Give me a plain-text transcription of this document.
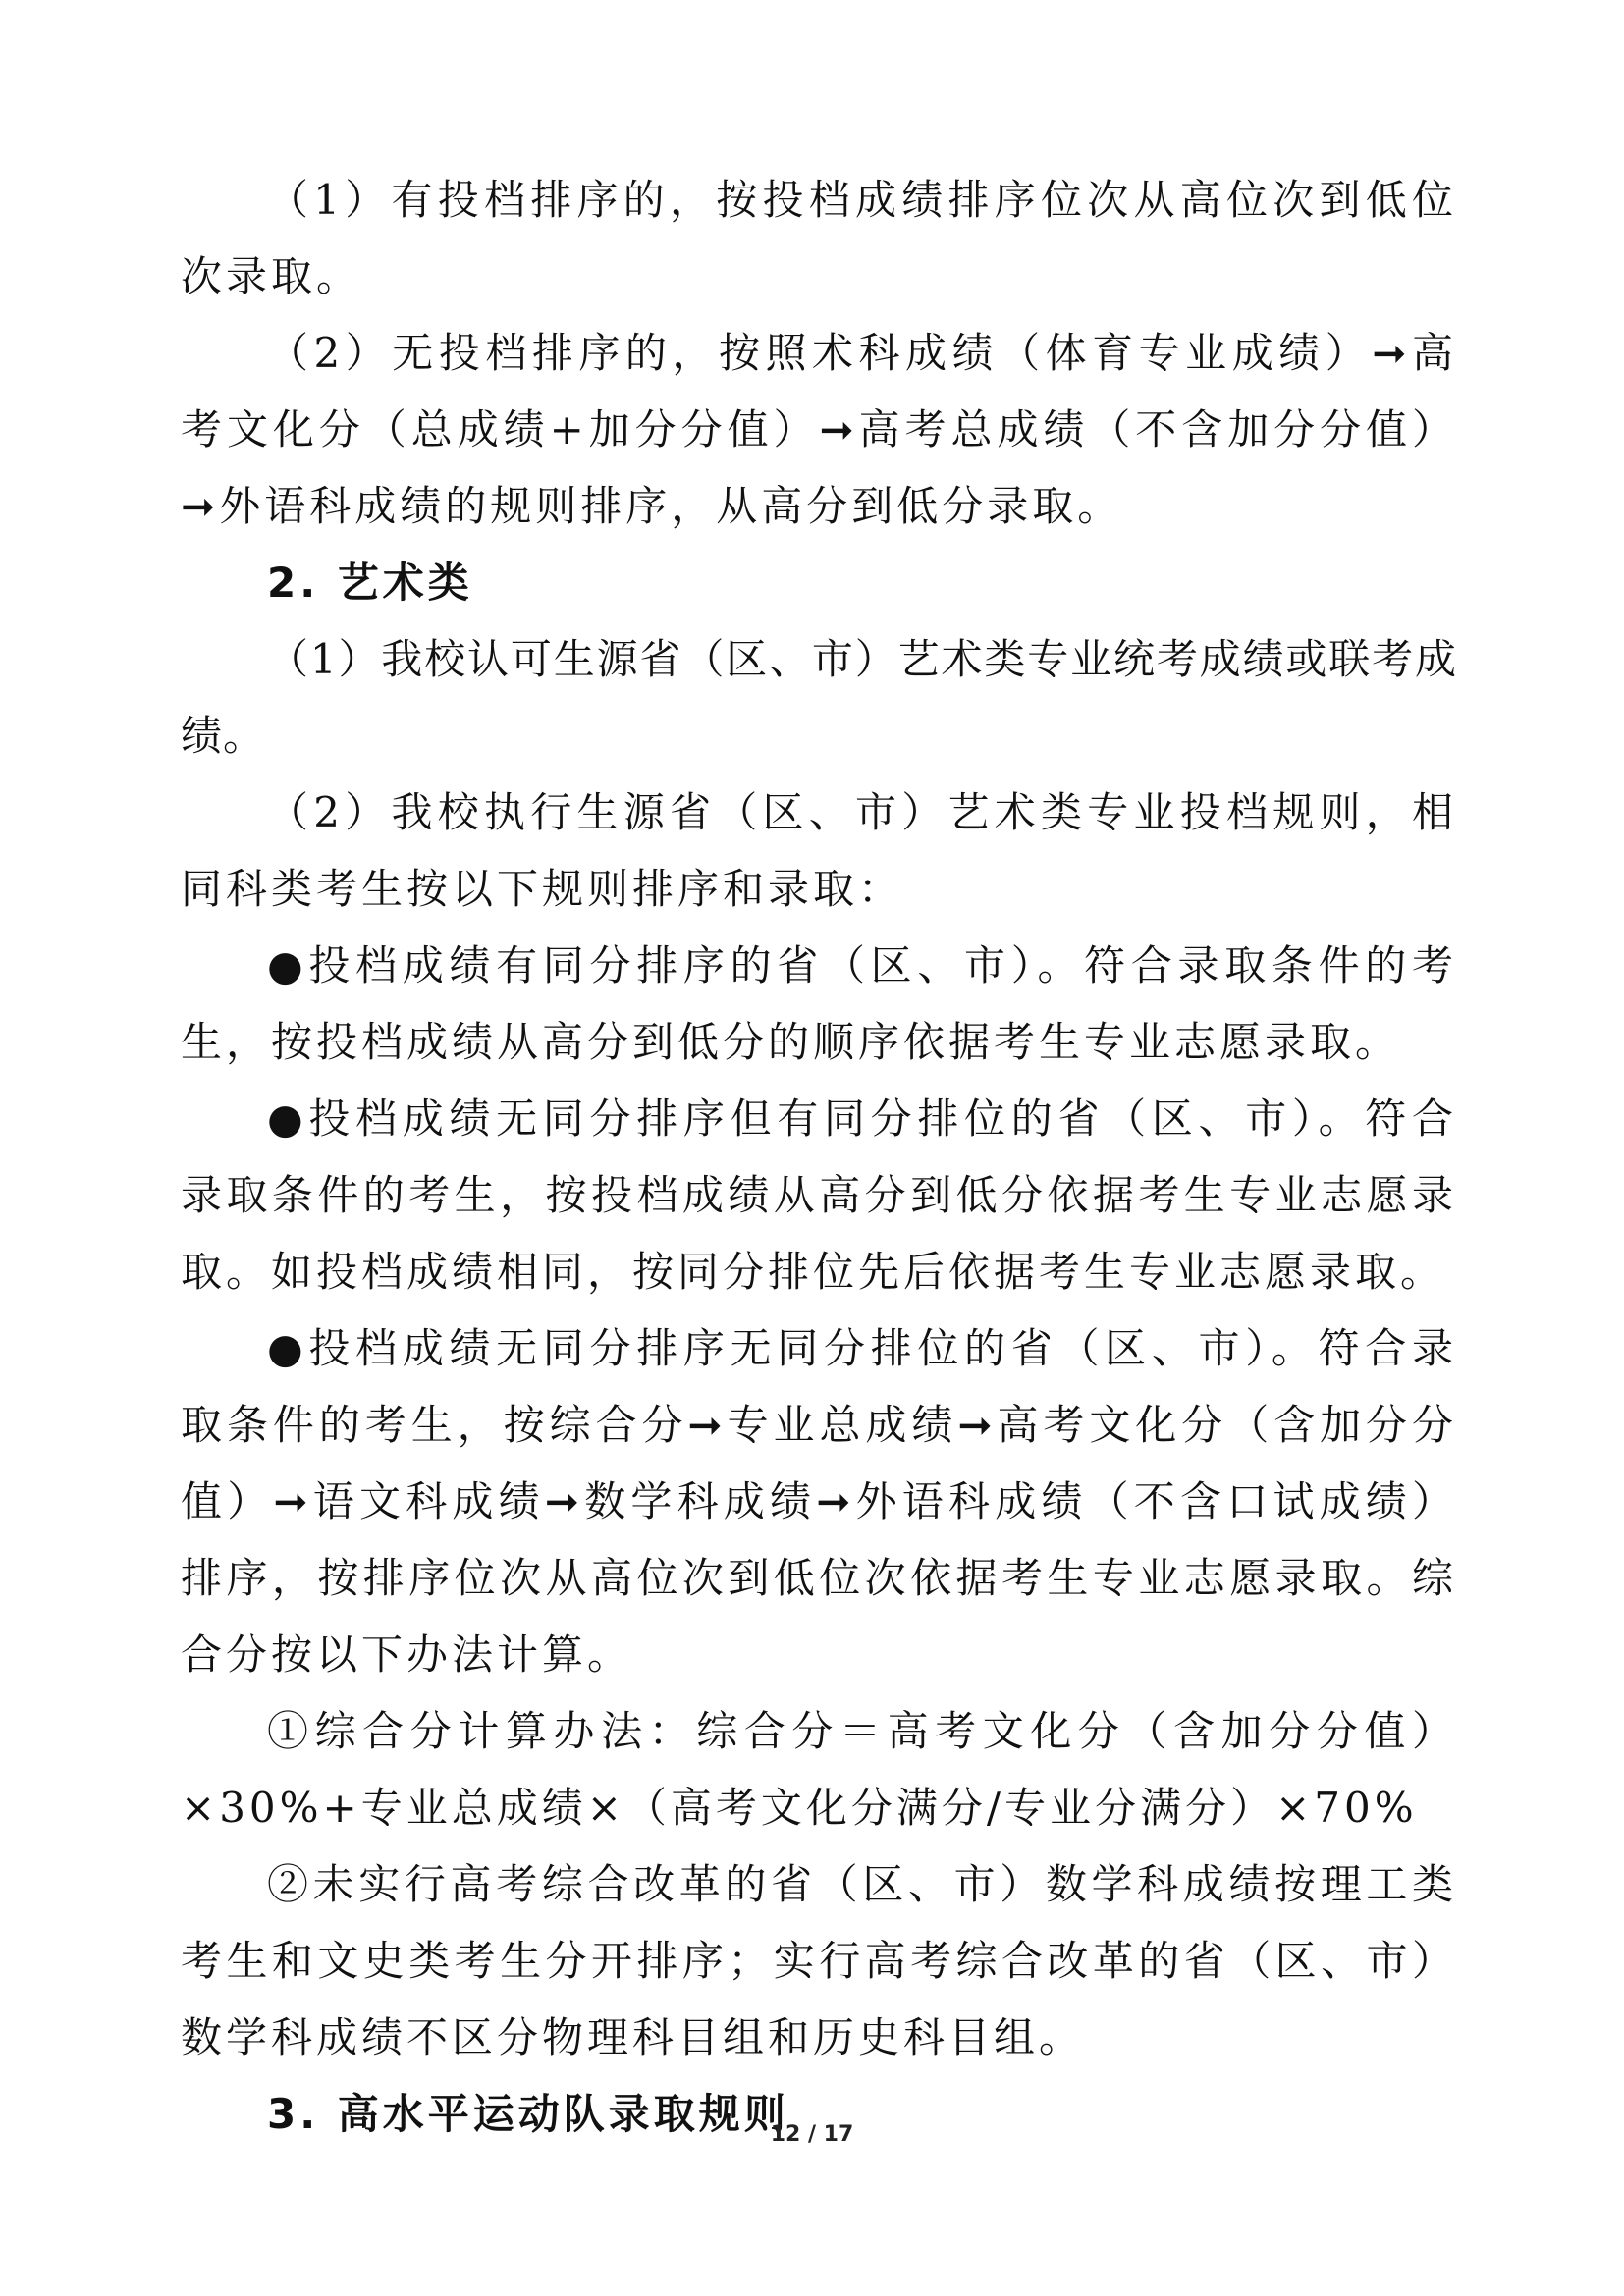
（1）有投档排序的，按投档成绩排序位次从高位次到低位次录取。

（2）无投档排序的，按照术科成绩（体育专业成绩）➞高考文化分（总成绩+加分分值）➞高考总成绩（不含加分分值）➞外语科成绩的规则排序，从高分到低分录取。

2. 艺术类

（1）我校认可生源省（区、市）艺术类专业统考成绩或联考成绩。

（2）我校执行生源省（区、市）艺术类专业投档规则，相同科类考生按以下规则排序和录取：

●投档成绩有同分排序的省（区、市）。符合录取条件的考生，按投档成绩从高分到低分的顺序依据考生专业志愿录取。

●投档成绩无同分排序但有同分排位的省（区、市）。符合录取条件的考生，按投档成绩从高分到低分依据考生专业志愿录取。如投档成绩相同，按同分排位先后依据考生专业志愿录取。

●投档成绩无同分排序无同分排位的省（区、市）。符合录取条件的考生，按综合分➞专业总成绩➞高考文化分（含加分分值）➞语文科成绩➞数学科成绩➞外语科成绩（不含口试成绩）排序，按排序位次从高位次到低位次依据考生专业志愿录取。综合分按以下办法计算。

①综合分计算办法：综合分＝高考文化分（含加分分值）×30%+专业总成绩×（高考文化分满分/专业分满分）×70%

②未实行高考综合改革的省（区、市）数学科成绩按理工类考生和文史类考生分开排序；实行高考综合改革的省（区、市）数学科成绩不区分物理科目组和历史科目组。

3. 高水平运动队录取规则

12 / 17
